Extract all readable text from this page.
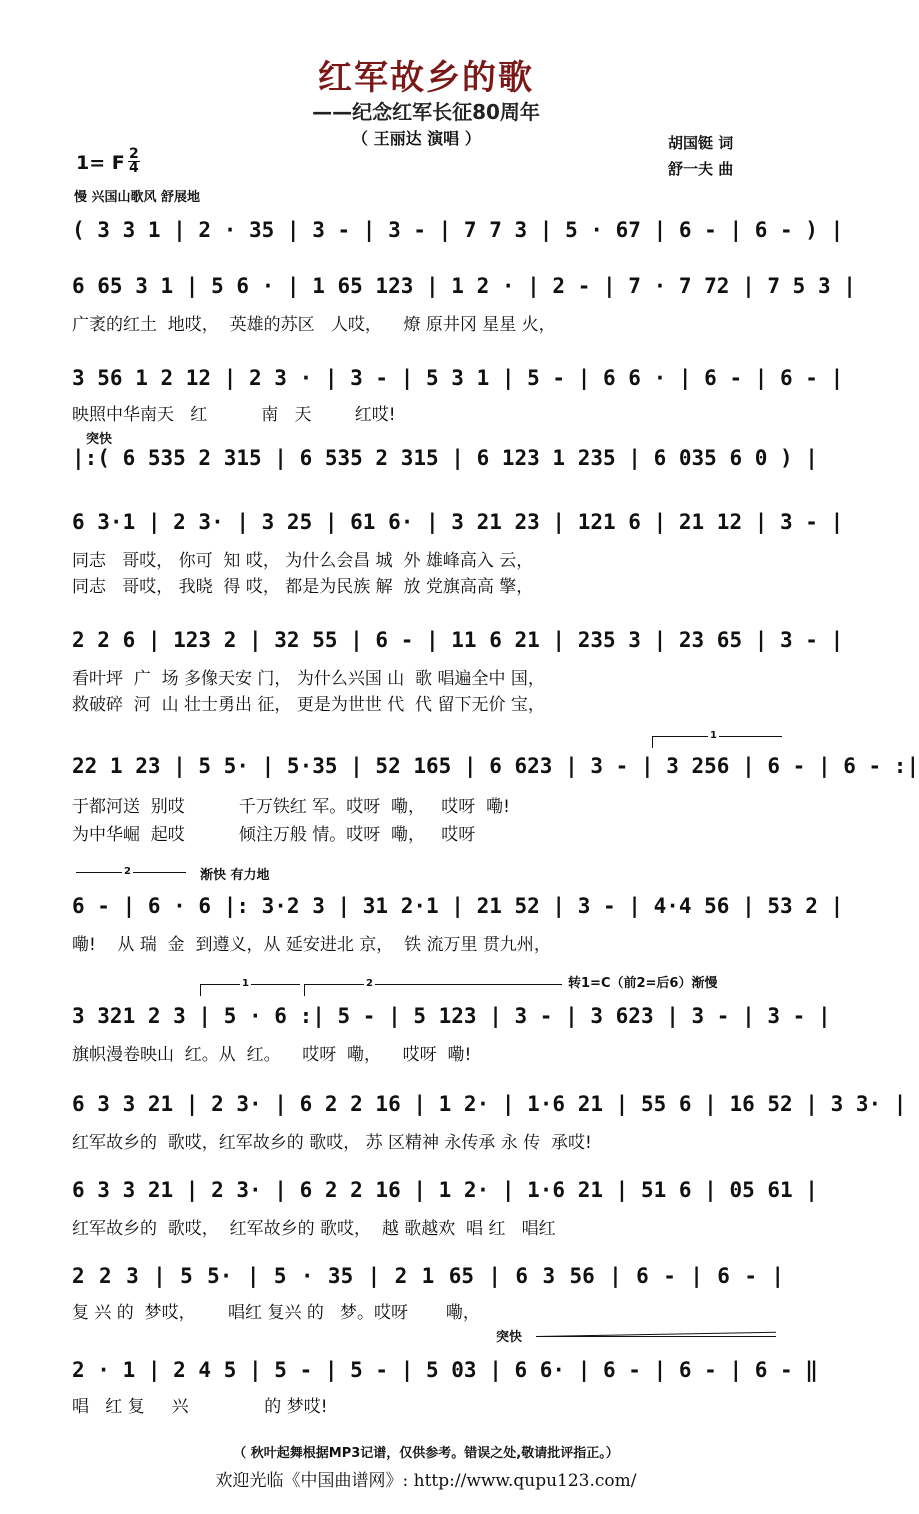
红军故乡的歌
——纪念红军长征80周年
（ 王丽达 演唱 ）	胡国铤 词
舒一夫 曲
1= F 2
4
慢 兴国山歌风 舒展地
( 3 3 1 | 2 · 35 | 3 - | 3 - | 7 7 3 | 5 · 67 | 6 - | 6 - ) |
6 65 3 1 | 5 6 · | 1 65 123 | 1 2 · | 2 - | 7 · 7 72 | 7 5 3 |
广袤的红土  地哎，  英雄的苏区   人哎，    燎 原井冈 星星 火，
3 56 1 2 12 | 2 3 · | 3 - | 5 3 1 | 5 - | 6 6 · | 6 - | 6 - |
映照中华南天   红          南   天        红哎!
突快
|:( 6 535 2 315 | 6 535 2 315 | 6 123 1 235 | 6 035 6 0 ) |
6 3·1 | 2 3· | 3 25 | 61 6· | 3 21 23 | 121 6 | 21 12 | 3 - |
同志   哥哎， 你可  知 哎， 为什么会昌 城  外 雄峰高入 云，
同志   哥哎， 我晓  得 哎， 都是为民族 解  放 党旗高高 擎，
2 2 6 | 123 2 | 32 55 | 6 - | 11 6 21 | 235 3 | 23 65 | 3 - |
看叶坪  广  场 多像天安 门， 为什么兴国 山  歌 唱遍全中 国，
救破碎  河  山 壮士勇出 征， 更是为世世 代  代 留下无价 宝，
1
22 1 23 | 5 5· | 5·35 | 52 165 | 6 623 | 3 - | 3 256 | 6 - | 6 - :|
于都河送  别哎          千万铁红 军。哎呀  嘞，   哎呀  嘞!
为中华崛  起哎          倾注万般 情。哎呀  嘞，   哎呀
2	渐快 有力地
6 - | 6 · 6 |: 3·2 3 | 31 2·1 | 21 52 | 3 - | 4·4 56 | 53 2 |
嘞!    从 瑞  金  到遵义，从 延安进北 京，  铁 流万里 贯九州，
1	2	转1=C（前2=后6）渐慢
3 321 2 3 | 5 · 6 :| 5 - | 5 123 | 3 - | 3 623 | 3 - | 3 - |
旗帜漫卷映山  红。从  红。    哎呀  嘞，    哎呀  嘞!
6 3 3 21 | 2 3· | 6 2 2 16 | 1 2· | 1·6 21 | 55 6 | 16 52 | 3 3· |
红军故乡的  歌哎，红军故乡的 歌哎， 苏 区精神 永传承 永 传  承哎!
6 3 3 21 | 2 3· | 6 2 2 16 | 1 2· | 1·6 21 | 51 6 | 05 61 |
红军故乡的  歌哎，  红军故乡的 歌哎，  越 歌越欢  唱 红   唱红
2 2 3 | 5 5· | 5 · 35 | 2 1 65 | 6 3 56 | 6 - | 6 - |
复 兴 的  梦哎，      唱红 复兴 的   梦。哎呀       嘞，
突快
2 · 1 | 2 4 5 | 5 - | 5 - | 5 03 | 6 6· | 6 - | 6 - | 6 - ‖
唱   红 复     兴              的 梦哎!
（ 秋叶起舞根据MP3记谱，仅供参考。错误之处,敬请批评指正。）
欢迎光临《中国曲谱网》: http://www.qupu123.com/
